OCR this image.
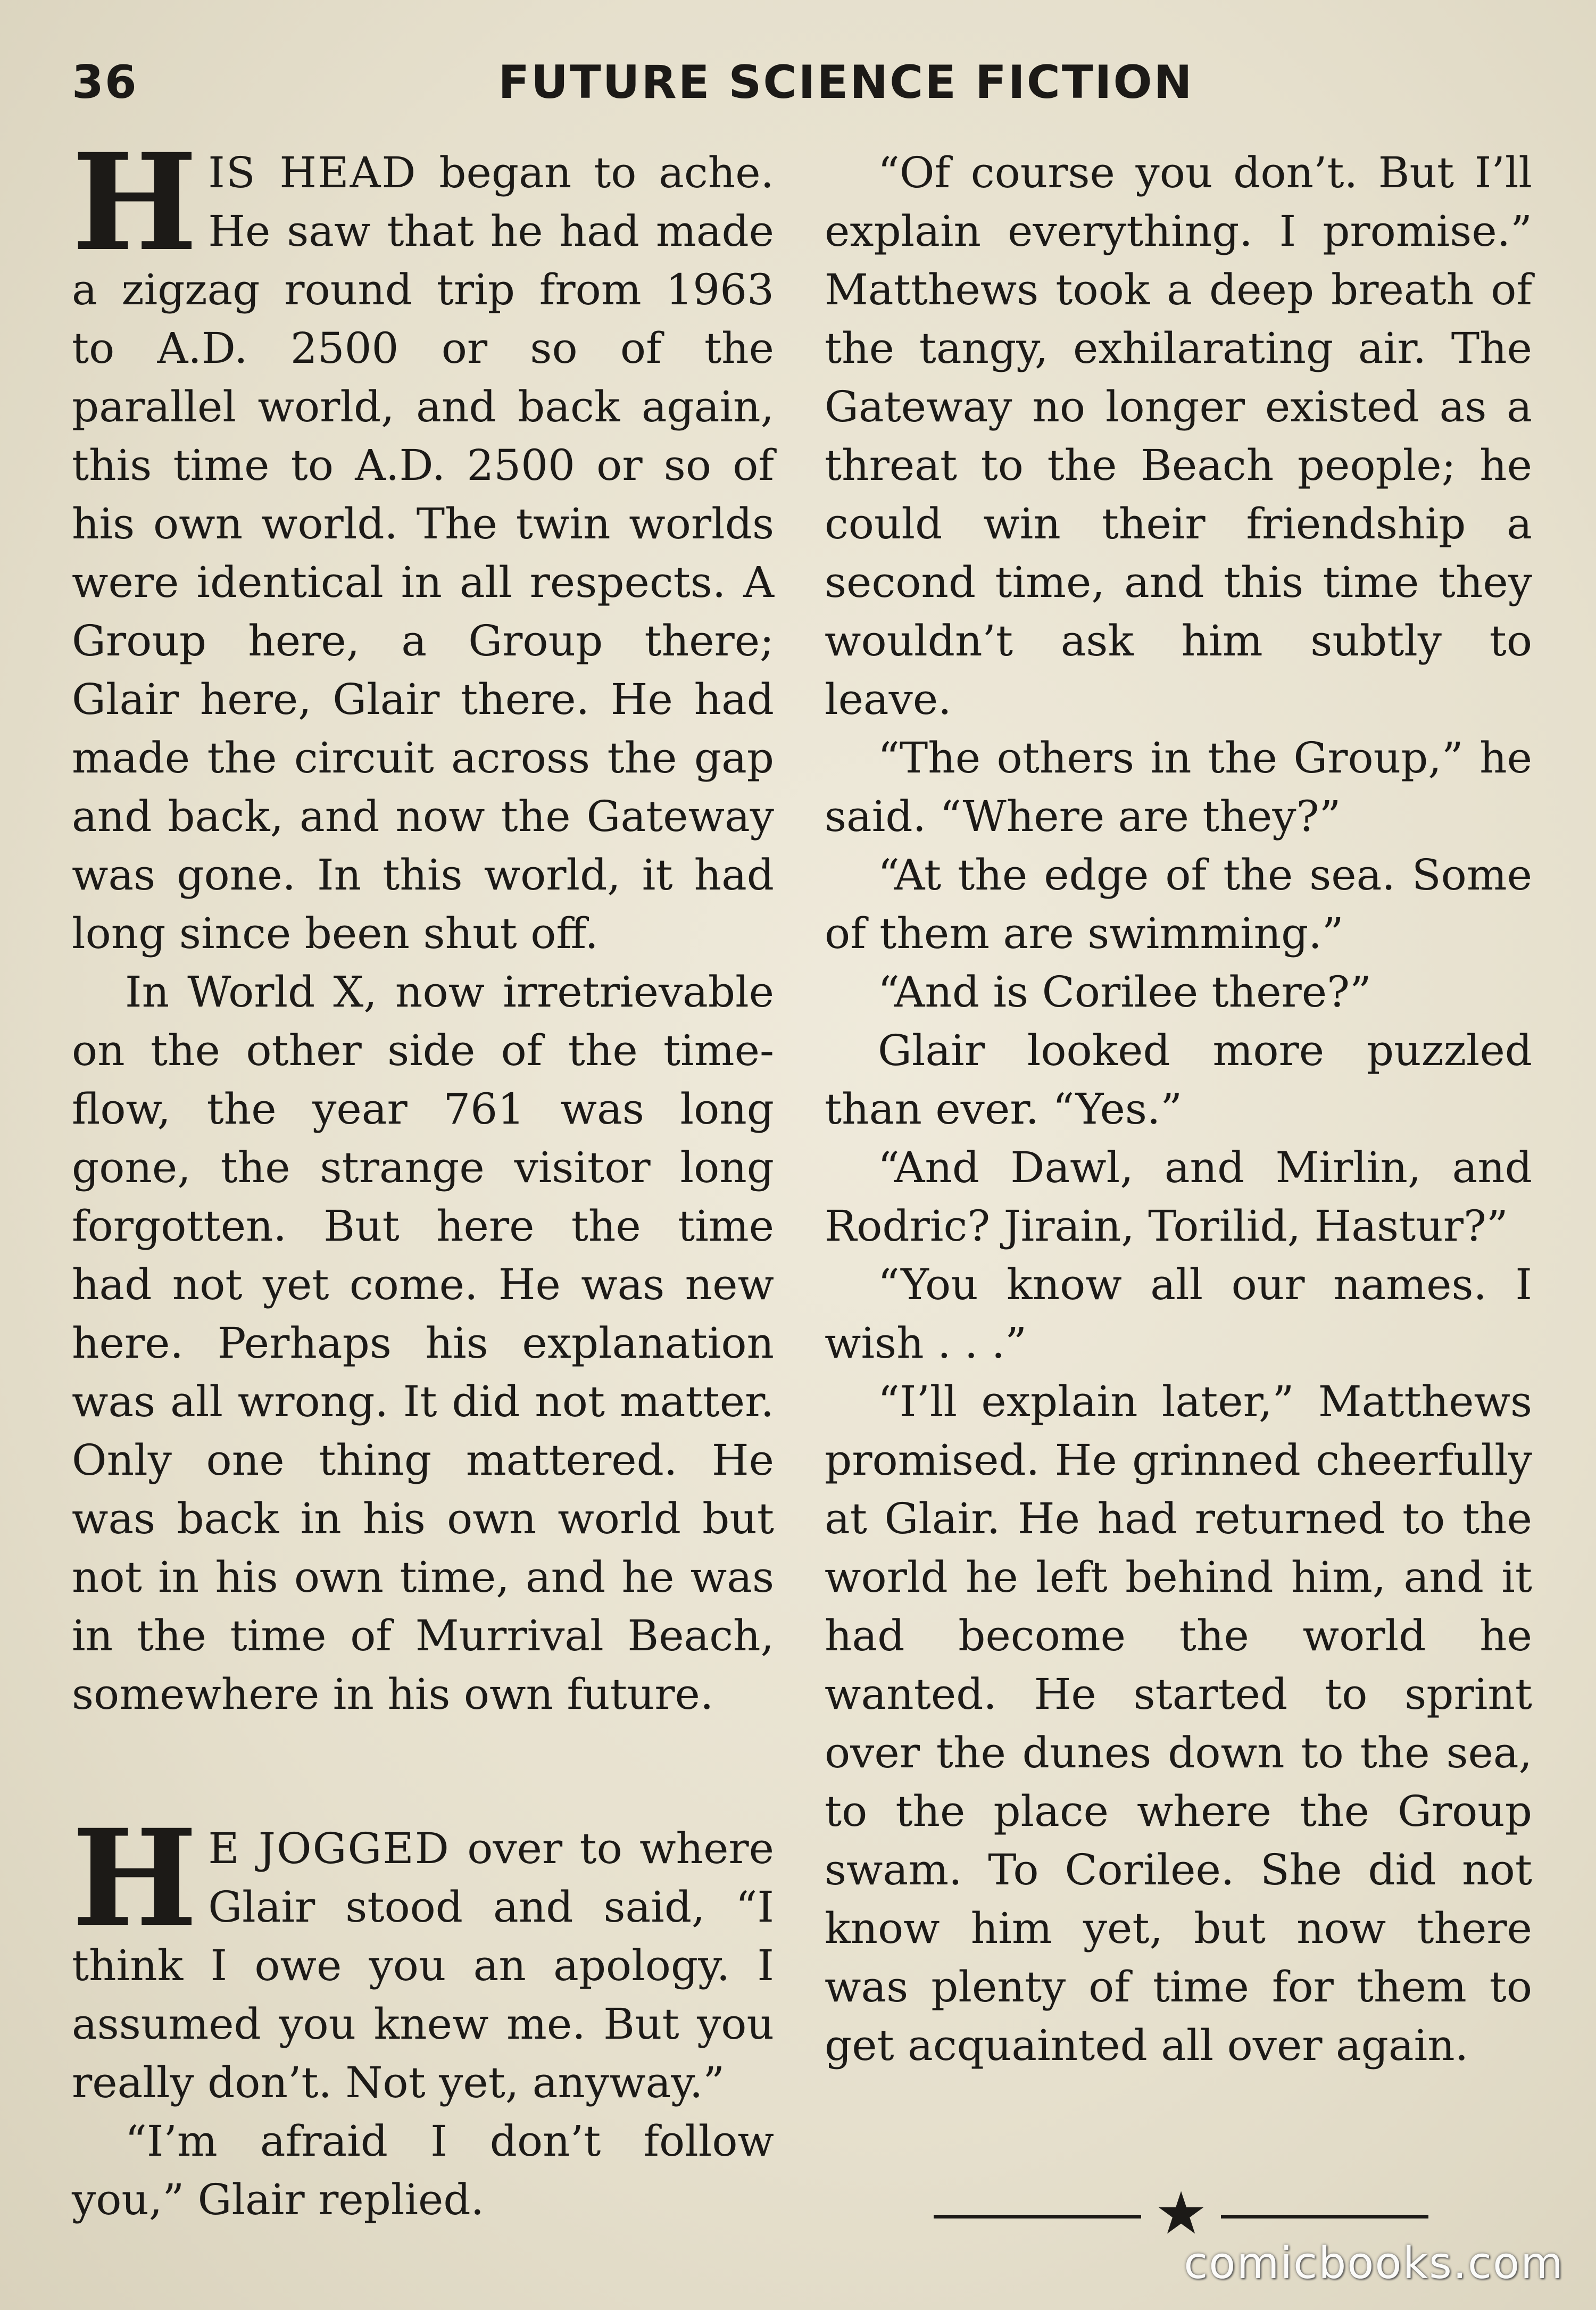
36	FUTURE SCIENCE FICTION

H IS HEAD began to ache. He saw that he had made a zigzag round trip from 1963 to A.D. 2500 or so of the parallel world, and back again, this time to A.D. 2500 or so of his own world. The twin worlds were identical in all respects. A Group here, a Group there; Glair here, Glair there. He had made the circuit across the gap and back, and now the Gateway was gone. In this world, it had long since been shut off.

In World X, now irretrievable on the other side of the time-flow, the year 761 was long gone, the strange visitor long forgotten. But here the time had not yet come. He was new here. Perhaps his explanation was all wrong. It did not matter. Only one thing mattered. He was back in his own world but not in his own time, and he was in the time of Murrival Beach, somewhere in his own future.

H E JOGGED over to where Glair stood and said, “I think I owe you an apology. I assumed you knew me. But you really don’t. Not yet, anyway.”

“I’m afraid I don’t follow you,” Glair replied.

“Of course you don’t. But I’ll explain everything. I promise.” Matthews took a deep breath of the tangy, exhilarating air. The Gateway no longer existed as a threat to the Beach people; he could win their friendship a second time, and this time they wouldn’t ask him subtly to leave.

“The others in the Group,” he said. “Where are they?”

“At the edge of the sea. Some of them are swimming.”

“And is Corilee there?”

Glair looked more puzzled than ever. “Yes.”

“And Dawl, and Mirlin, and Rodric? Jirain, Torilid, Hastur?”

“You know all our names. I wish . . .”

“I’ll explain later,” Matthews promised. He grinned cheerfully at Glair. He had returned to the world he left behind him, and it had become the world he wanted. He started to sprint over the dunes down to the sea, to the place where the Group swam. To Corilee. She did not know him yet, but now there was plenty of time for them to get acquainted all over again.

★
comicbooks.com
